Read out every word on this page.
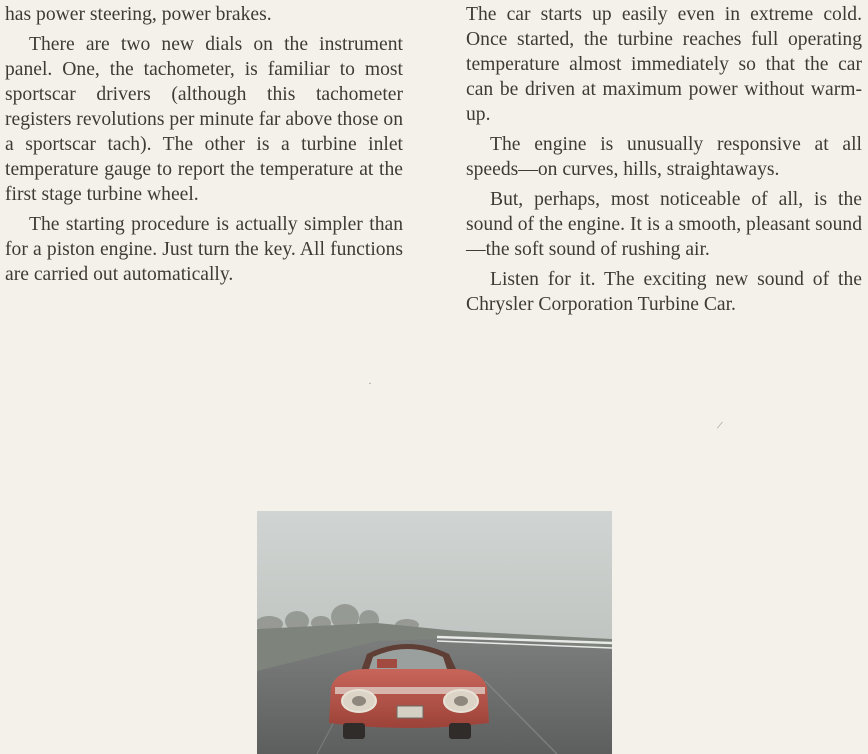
has power steering, power brakes.

There are two new dials on the instrument panel. One, the tachometer, is familiar to most sportscar drivers (although this tachometer registers revolutions per minute far above those on a sportscar tach). The other is a turbine inlet temperature gauge to report the temperature at the first stage turbine wheel.

The starting procedure is actually simpler than for a piston engine. Just turn the key. All functions are carried out automatically.

The car starts up easily even in extreme cold. Once started, the turbine reaches full operating temperature almost immediately so that the car can be driven at maximum power without warm-up.

The engine is unusually responsive at all speeds—on curves, hills, straightaways.

But, perhaps, most noticeable of all, is the sound of the engine. It is a smooth, pleasant sound—the soft sound of rushing air.

Listen for it. The exciting new sound of the Chrysler Corporation Turbine Car.

·
/
